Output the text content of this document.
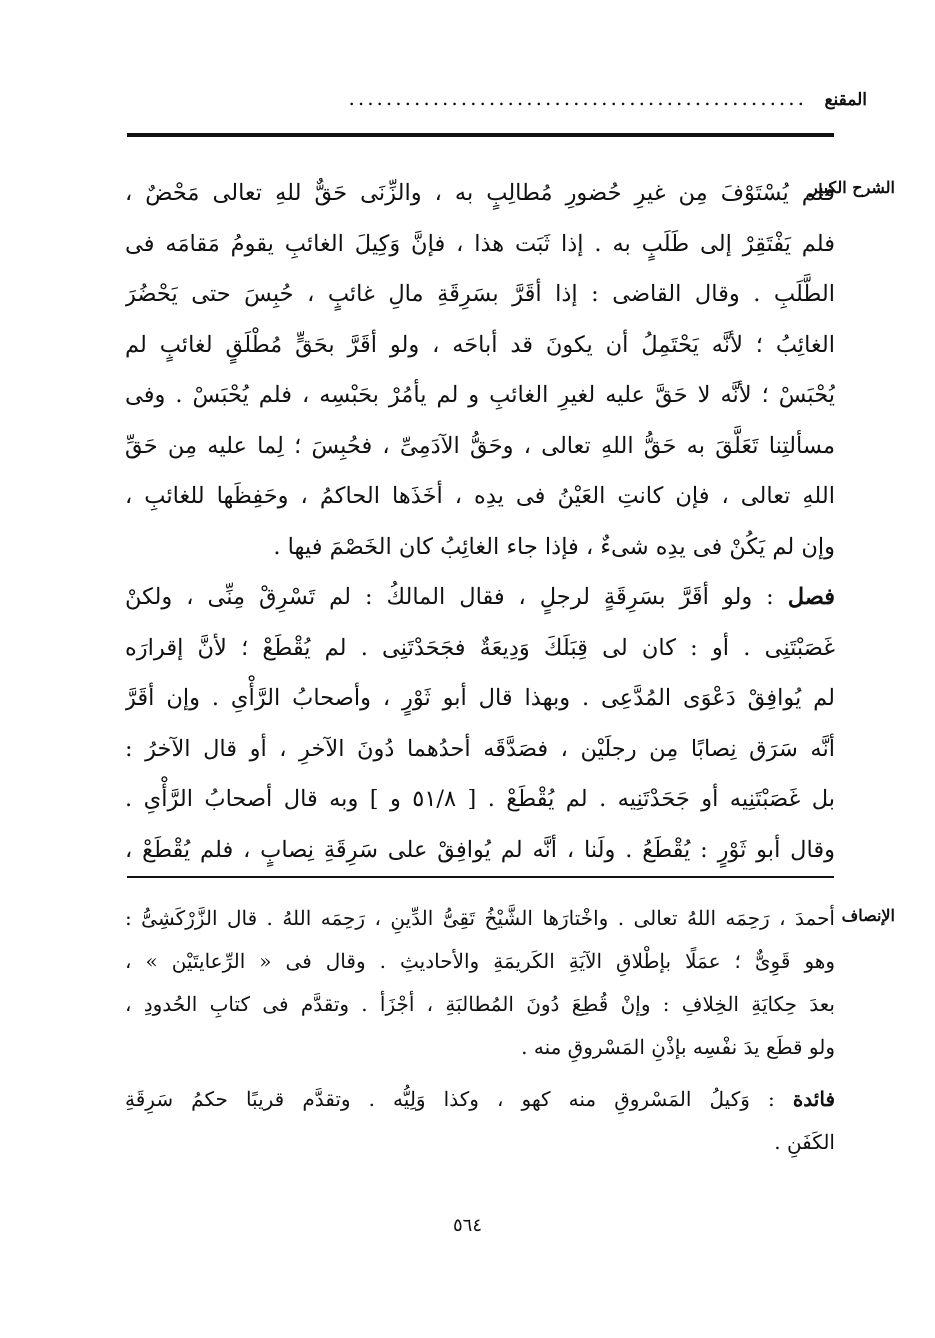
المقنع
.................................................
الشرح الكبير
فلم يُسْتَوْفَ مِن غيرِ حُضورِ مُطالِبٍ به ، والزِّنَى حَقٌّ للهِ تعالى مَحْضٌ ،
فلم يَفْتَقِرْ إلى طَلَبٍ به . إذا ثَبَت هذا ، فإنَّ وَكِيلَ الغائبِ يقومُ مَقامَه فى
الطَّلَبِ . وقال القاضى : إذا أقَرَّ بسَرِقَةِ مالِ غائبٍ ، حُبِسَ حتى يَحْضُرَ
الغائِبُ ؛ لأنَّه يَحْتَمِلُ أن يكونَ قد أباحَه ، ولو أقَرَّ بحَقٍّ مُطْلَقٍ لغائبٍ لم
يُحْبَسْ ؛ لأنَّه لا حَقَّ عليه لغيرِ الغائبِ و لم يأمُرْ بحَبْسِه ، فلم يُحْبَسْ . وفى
مسألتِنا تَعَلَّقَ به حَقُّ اللهِ تعالى ، وحَقُّ الآدَمِىِّ ، فحُبِسَ ؛ لِما عليه مِن حَقِّ
اللهِ تعالى ، فإن كانتِ العَيْنُ فى يدِه ، أخَذَها الحاكمُ ، وحَفِظَها للغائبِ ،
وإن لم يَكُنْ فى يدِه شىءٌ ، فإذا جاء الغائِبُ كان الخَصْمَ فيها .
فصل : ولو أقَرَّ بسَرِقَةٍ لرجلٍ ، فقال المالكُ : لم تَسْرِقْ مِنِّى ، ولكنْ
غَصَبْتَنِى . أو : كان لى قِبَلَكَ وَدِيعَةٌ فجَحَدْتَنِى . لم يُقْطَعْ ؛ لأنَّ إقرارَه
لم يُوافِقْ دَعْوَى المُدَّعِى . وبهذا قال أبو ثَوْرٍ ، وأصحابُ الرَّأْىِ . وإن أقَرَّ
أنَّه سَرَق نِصابًا مِن رجلَيْن ، فصَدَّقَه أحدُهما دُونَ الآخرِ ، أو قال الآخرُ :
بل غَصَبْتَنِيه أو جَحَدْتَنِيه . لم يُقْطَعْ . [ ٥١/٨ و ] وبه قال أصحابُ الرَّأْىِ .
وقال أبو ثَوْرٍ : يُقْطَعُ . ولَنا ، أنَّه لم يُوافِقْ على سَرِقَةِ نِصابٍ ، فلم يُقْطَعْ ،
الإنصاف
أحمدَ ، رَحِمَه اللهُ تعالى . واخْتارَها الشَّيْخُ تَقِىُّ الدِّينِ ، رَحِمَه اللهُ . قال الزَّرْكَشِىُّ :
وهو قَوِىٌّ ؛ عمَلًا بإطْلاقِ الآيَةِ الكَريمَةِ والأحاديثِ . وقال فى « الرِّعايتَيْن » ،
بعدَ حِكايَةِ الخِلافِ : وإنْ قُطِعَ دُونَ المُطالبَةِ ، أجْزَأ . وتقدَّم فى كتابِ الحُدودِ ،
ولو قطَع يدَ نفْسِه بإذْنِ المَسْروقِ منه .
فائدة : وَكيلُ المَسْروقِ منه كهو ، وكذا وَلِيُّه . وتقدَّم قريبًا حكمُ سَرِقَةِ
الكَفَنِ .
٥٦٤
